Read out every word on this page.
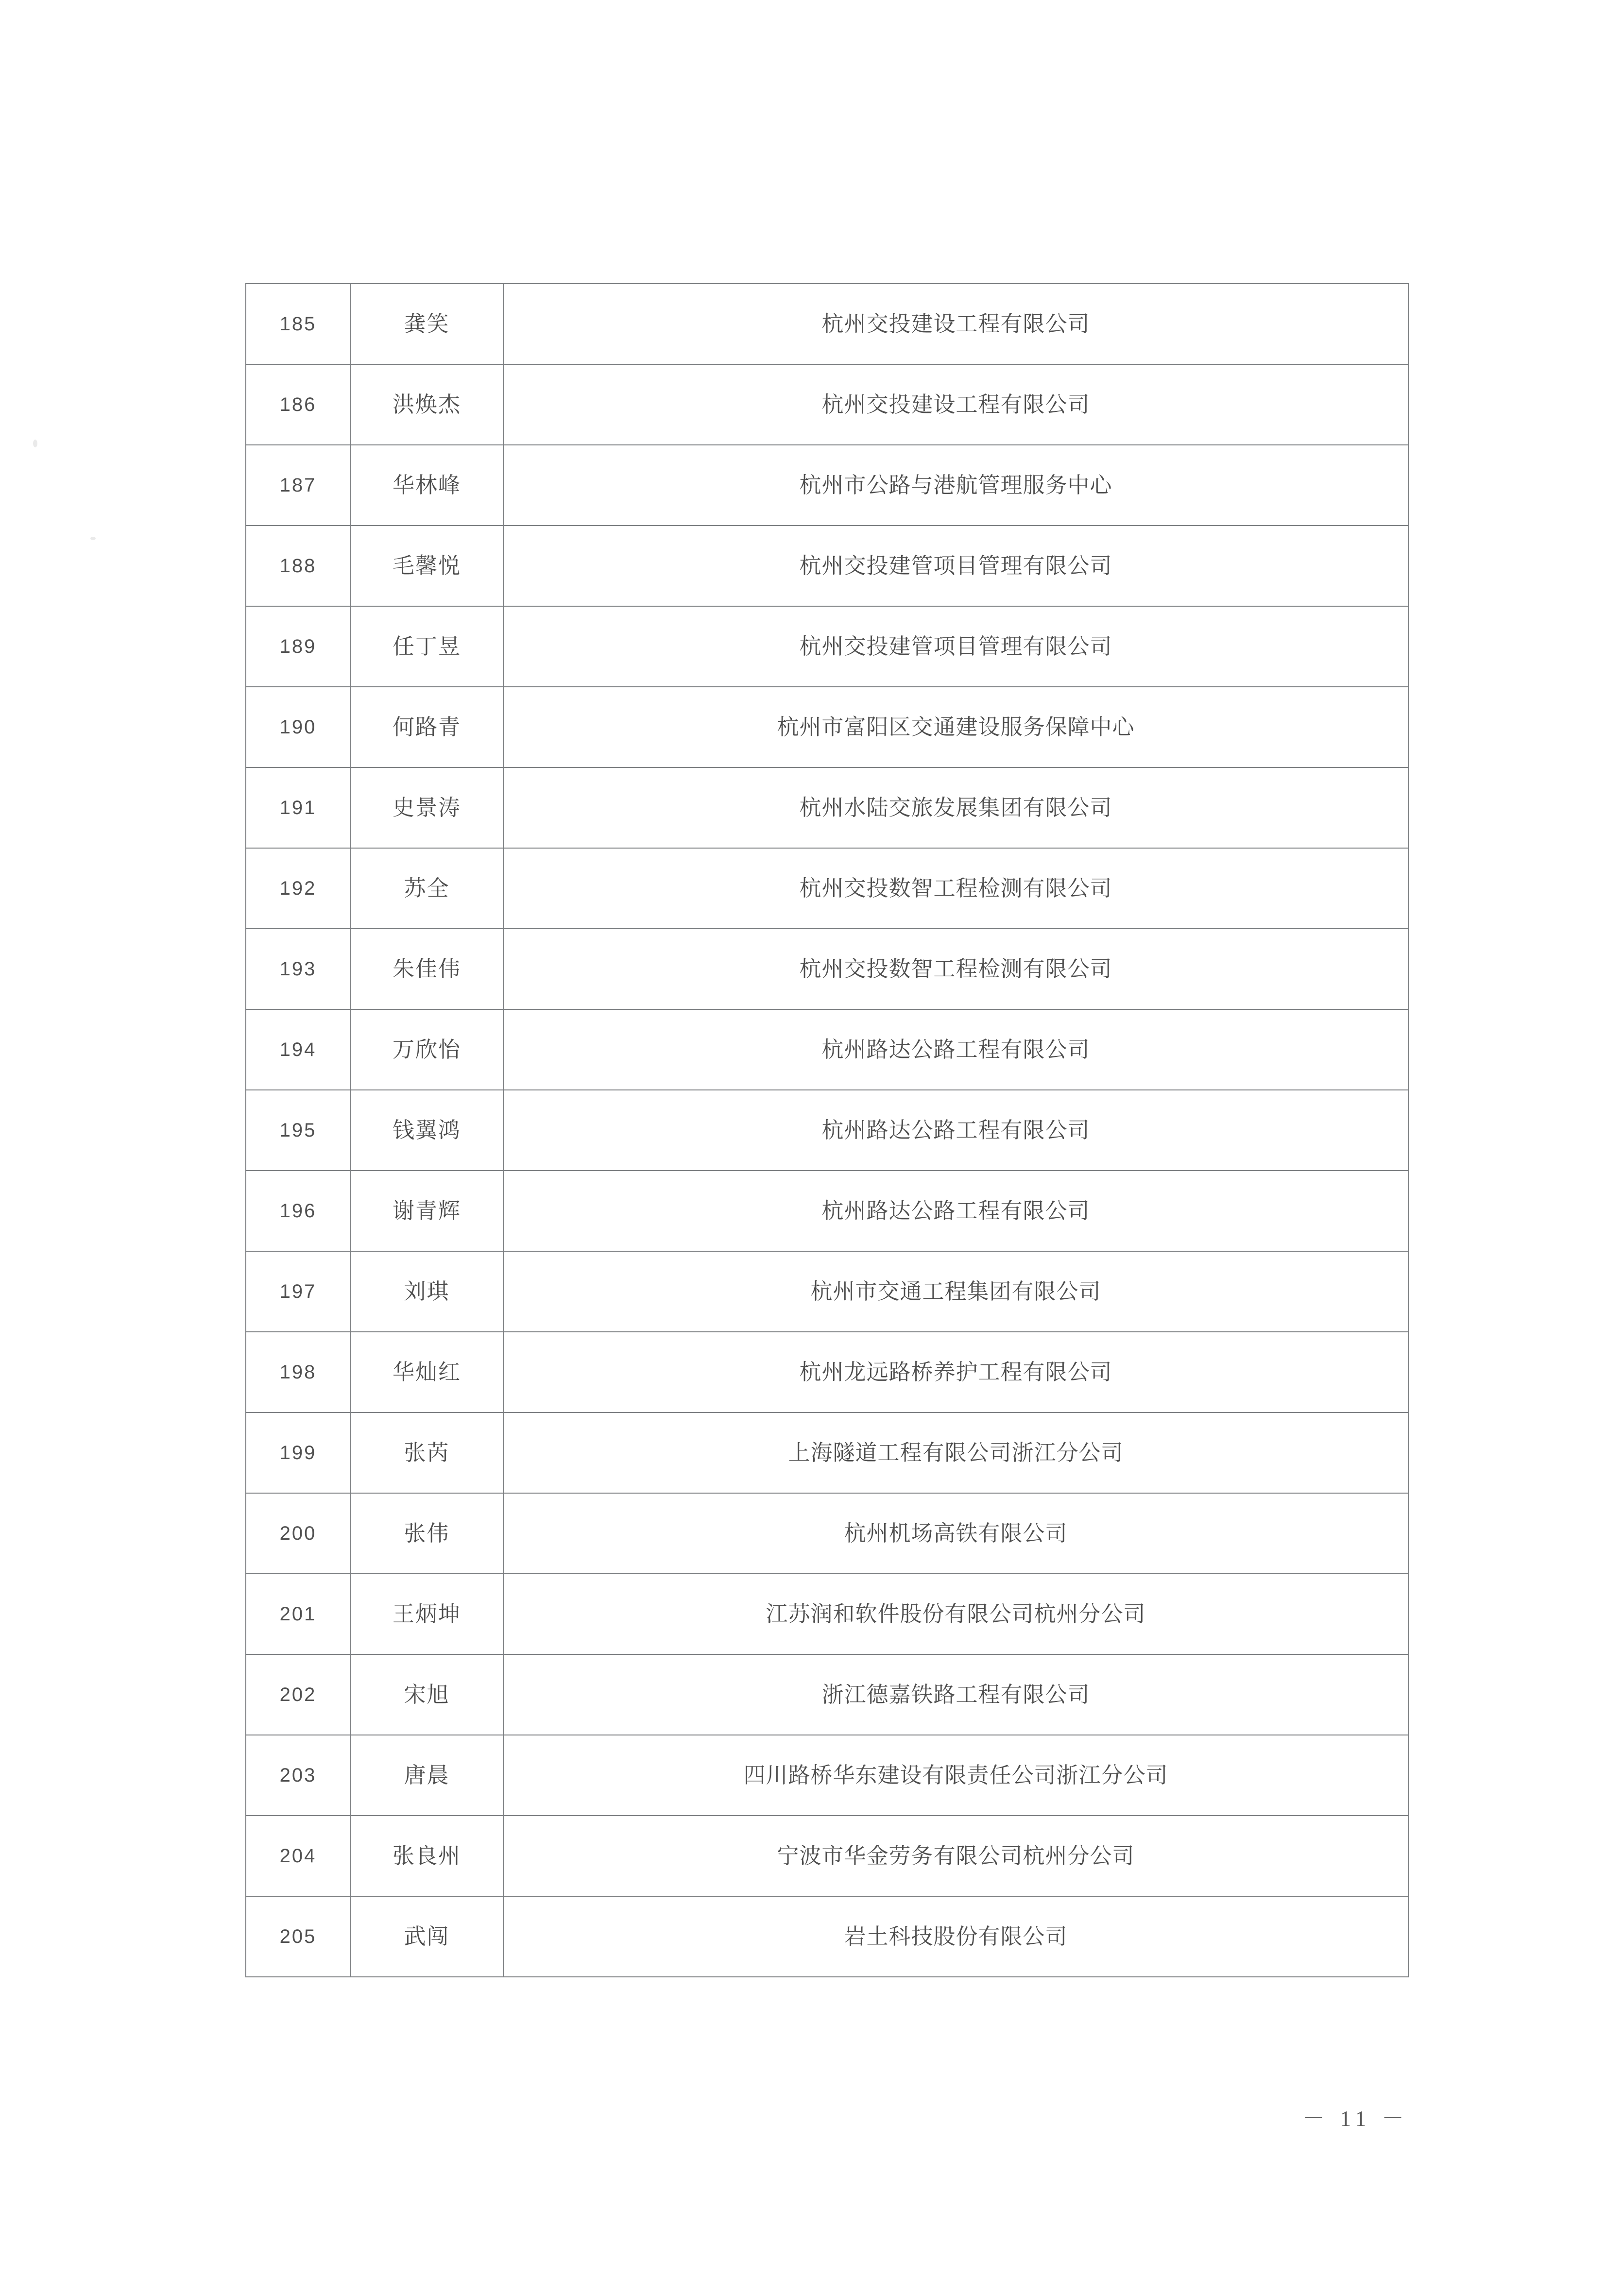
185	龚笑	杭州交投建设工程有限公司
186	洪焕杰	杭州交投建设工程有限公司
187	华林峰	杭州市公路与港航管理服务中心
188	毛馨悦	杭州交投建管项目管理有限公司
189	任丁昱	杭州交投建管项目管理有限公司
190	何路青	杭州市富阳区交通建设服务保障中心
191	史景涛	杭州水陆交旅发展集团有限公司
192	苏全	杭州交投数智工程检测有限公司
193	朱佳伟	杭州交投数智工程检测有限公司
194	万欣怡	杭州路达公路工程有限公司
195	钱翼鸿	杭州路达公路工程有限公司
196	谢青辉	杭州路达公路工程有限公司
197	刘琪	杭州市交通工程集团有限公司
198	华灿红	杭州龙远路桥养护工程有限公司
199	张芮	上海隧道工程有限公司浙江分公司
200	张伟	杭州机场高铁有限公司
201	王炳坤	江苏润和软件股份有限公司杭州分公司
202	宋旭	浙江德嘉铁路工程有限公司
203	唐晨	四川路桥华东建设有限责任公司浙江分公司
204	张良州	宁波市华金劳务有限公司杭州分公司
205	武闯	岩土科技股份有限公司
－ 11 －
